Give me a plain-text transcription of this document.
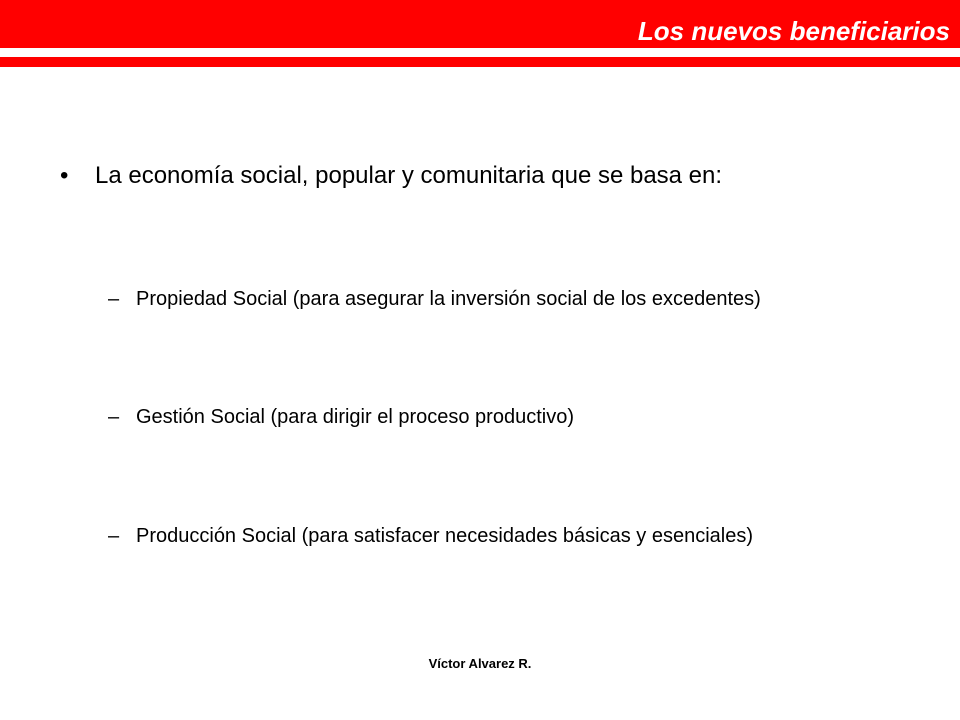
Los nuevos beneficiarios
• La economía social, popular y comunitaria que se basa en:
– Propiedad Social (para asegurar la inversión social de los excedentes)
– Gestión Social (para dirigir el proceso productivo)
– Producción Social (para satisfacer necesidades básicas y esenciales)
Víctor Alvarez R.
